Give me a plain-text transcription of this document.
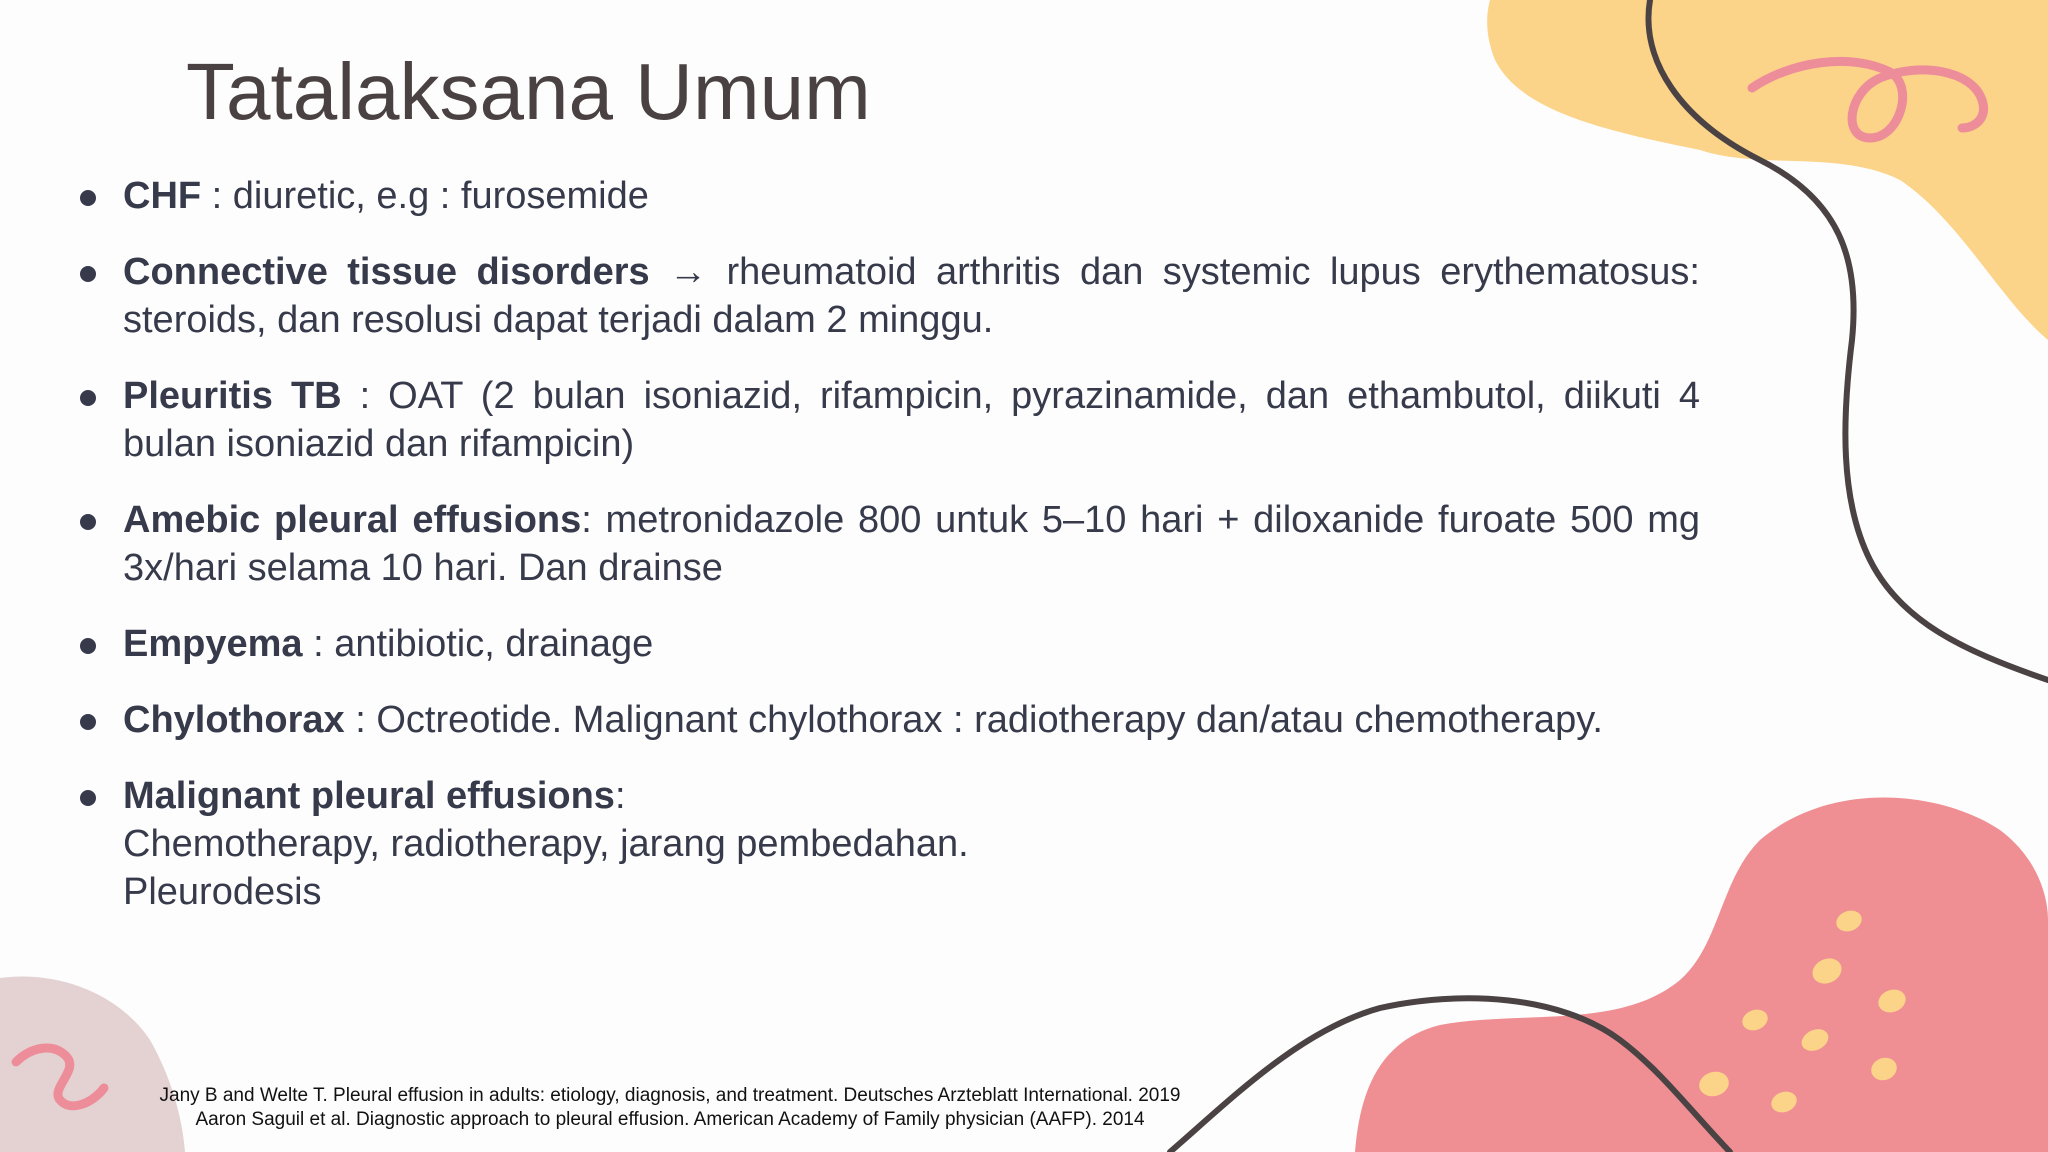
Tatalaksana Umum
CHF : diuretic, e.g : furosemide
Connective tissue disorders → rheumatoid arthritis dan systemic lupus erythematosus: steroids, dan resolusi dapat terjadi dalam 2 minggu.
Pleuritis TB : OAT (2 bulan isoniazid, rifampicin, pyrazinamide, dan ethambutol, diikuti 4 bulan isoniazid dan rifampicin)
Amebic pleural effusions: metronidazole 800 untuk 5–10 hari + diloxanide furoate 500 mg 3x/hari selama 10 hari. Dan drainse
Empyema : antibiotic, drainage
Chylothorax : Octreotide. Malignant chylothorax : radiotherapy dan/atau chemotherapy.
Malignant pleural effusions:
Chemotherapy, radiotherapy, jarang pembedahan.
Pleurodesis
Jany B and Welte T. Pleural effusion in adults: etiology, diagnosis, and treatment. Deutsches Arzteblatt International. 2019
Aaron Saguil et al. Diagnostic approach to pleural effusion. American Academy of Family physician (AAFP). 2014
